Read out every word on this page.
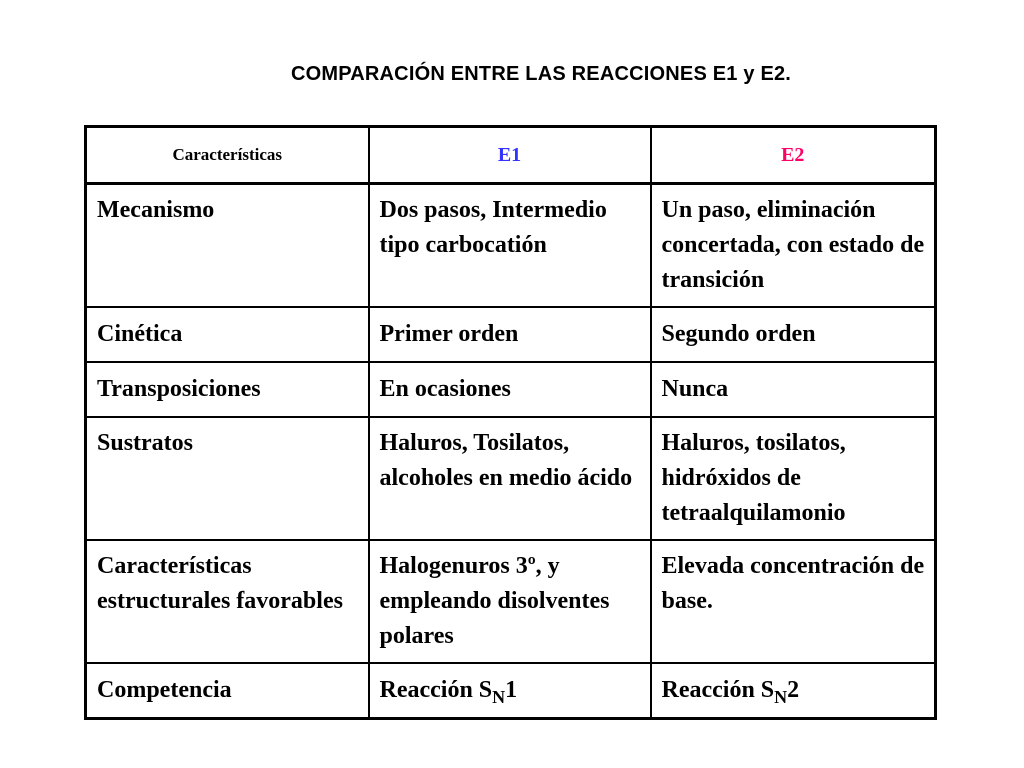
COMPARACIÓN ENTRE LAS REACCIONES E1 y E2.
Características	E1	E2

Mecanismo	Dos pasos, Intermedio tipo carbocatión	Un paso, eliminación concertada, con estado de transición

Cinética	Primer orden	Segundo orden

Transposiciones	En ocasiones	Nunca

Sustratos	Haluros, Tosilatos, alcoholes en medio ácido	Haluros, tosilatos, hidróxidos de tetraalquilamonio

Características estructurales favorables	Halogenuros 3º, y empleando disolventes polares	Elevada concentración de base.

Competencia	Reacción $S_N1$	Reacción $S_N2$
